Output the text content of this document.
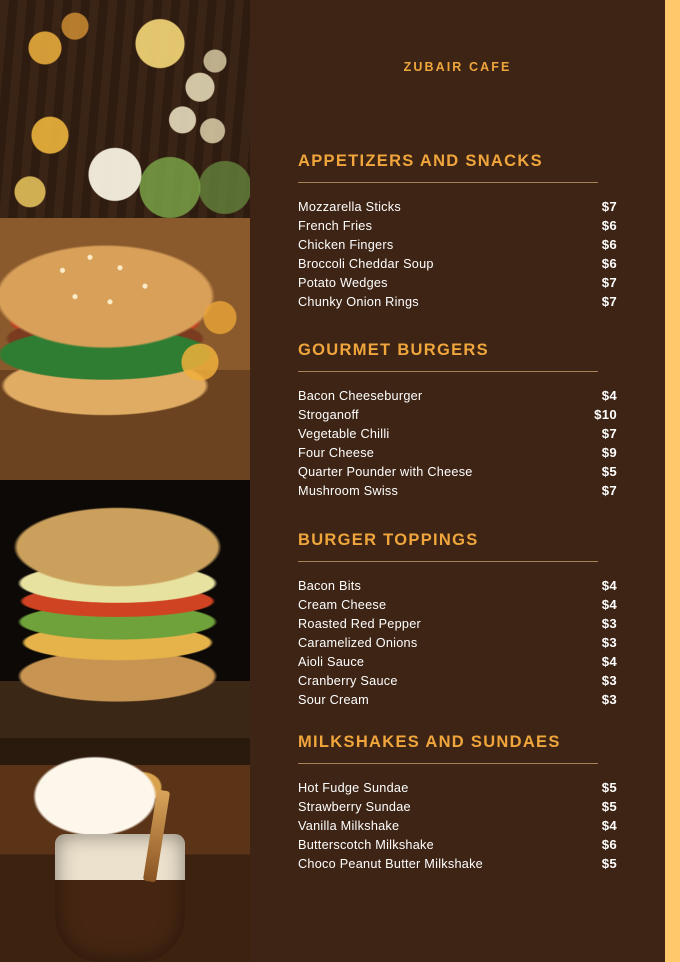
ZUBAIR CAFE
APPETIZERS AND SNACKS
Mozzarella Sticks	$7
French Fries	$6
Chicken Fingers	$6
Broccoli Cheddar Soup	$6
Potato Wedges	$7
Chunky Onion Rings	$7
GOURMET BURGERS
Bacon Cheeseburger	$4
Stroganoff	$10
Vegetable Chilli	$7
Four Cheese	$9
Quarter Pounder with Cheese	$5
Mushroom Swiss	$7
BURGER TOPPINGS
Bacon Bits	$4
Cream Cheese	$4
Roasted Red Pepper	$3
Caramelized Onions	$3
Aioli Sauce	$4
Cranberry Sauce	$3
Sour Cream	$3
MILKSHAKES AND SUNDAES
Hot Fudge Sundae	$5
Strawberry Sundae	$5
Vanilla Milkshake	$4
Butterscotch Milkshake	$6
Choco Peanut Butter Milkshake	$5
